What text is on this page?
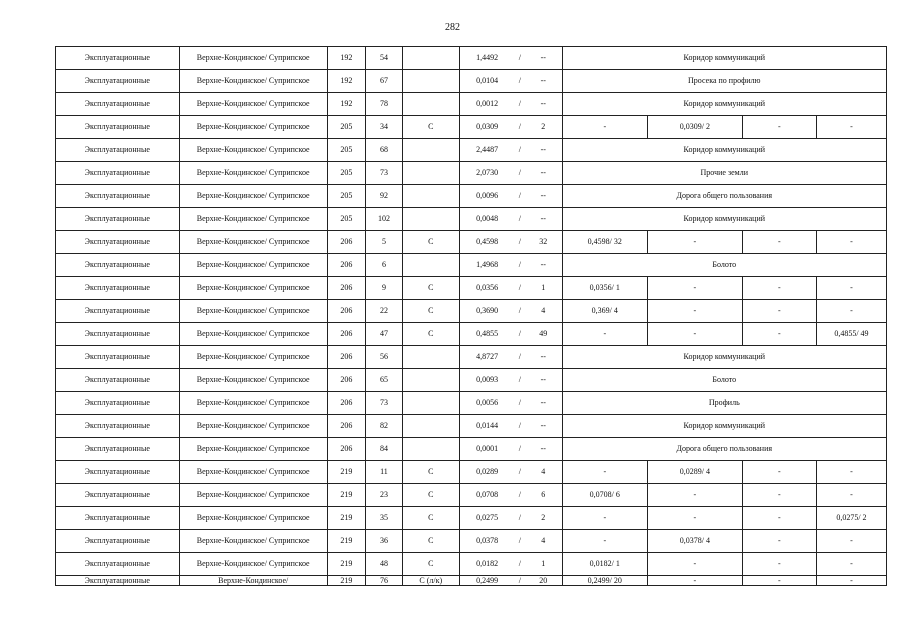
282
Эксплуатационные	Верхне-Кондинское/ Суприпское	192	54		1,4492	/	--	Коридор коммуникаций			
Эксплуатационные	Верхне-Кондинское/ Суприпское	192	67		0,0104	/	--	Просека по профилю			
Эксплуатационные	Верхне-Кондинское/ Суприпское	192	78		0,0012	/	--	Коридор коммуникаций			
Эксплуатационные	Верхне-Кондинское/ Суприпское	205	34	С	0,0309	/	2	-	0,0309/ 2	-	-
Эксплуатационные	Верхне-Кондинское/ Суприпское	205	68		2,4487	/	--	Коридор коммуникаций			
Эксплуатационные	Верхне-Кондинское/ Суприпское	205	73		2,0730	/	--	Прочие земли			
Эксплуатационные	Верхне-Кондинское/ Суприпское	205	92		0,0096	/	--	Дорога общего пользования			
Эксплуатационные	Верхне-Кондинское/ Суприпское	205	102		0,0048	/	--	Коридор коммуникаций			
Эксплуатационные	Верхне-Кондинское/ Суприпское	206	5	С	0,4598	/	32	0,4598/ 32	-	-	-
Эксплуатационные	Верхне-Кондинское/ Суприпское	206	6		1,4968	/	--	Болото			
Эксплуатационные	Верхне-Кондинское/ Суприпское	206	9	С	0,0356	/	1	0,0356/ 1	-	-	-
Эксплуатационные	Верхне-Кондинское/ Суприпское	206	22	С	0,3690	/	4	0,369/ 4	-	-	-
Эксплуатационные	Верхне-Кондинское/ Суприпское	206	47	С	0,4855	/	49	-	-	-	0,4855/ 49
Эксплуатационные	Верхне-Кондинское/ Суприпское	206	56		4,8727	/	--	Коридор коммуникаций			
Эксплуатационные	Верхне-Кондинское/ Суприпское	206	65		0,0093	/	--	Болото			
Эксплуатационные	Верхне-Кондинское/ Суприпское	206	73		0,0056	/	--	Профиль			
Эксплуатационные	Верхне-Кондинское/ Суприпское	206	82		0,0144	/	--	Коридор коммуникаций			
Эксплуатационные	Верхне-Кондинское/ Суприпское	206	84		0,0001	/	--	Дорога общего пользования			
Эксплуатационные	Верхне-Кондинское/ Суприпское	219	11	С	0,0289	/	4	-	0,0289/ 4	-	-
Эксплуатационные	Верхне-Кондинское/ Суприпское	219	23	С	0,0708	/	6	0,0708/ 6	-	-	-
Эксплуатационные	Верхне-Кондинское/ Суприпское	219	35	С	0,0275	/	2	-	-	-	0,0275/ 2
Эксплуатационные	Верхне-Кондинское/ Суприпское	219	36	С	0,0378	/	4	-	0,0378/ 4	-	-
Эксплуатационные	Верхне-Кондинское/ Суприпское	219	48	С	0,0182	/	1	0,0182/ 1	-	-	-
Эксплуатационные	Верхне-Кондинское/	219	76	С (л/к)	0,2499	/	20	0,2499/ 20	-	-	-
